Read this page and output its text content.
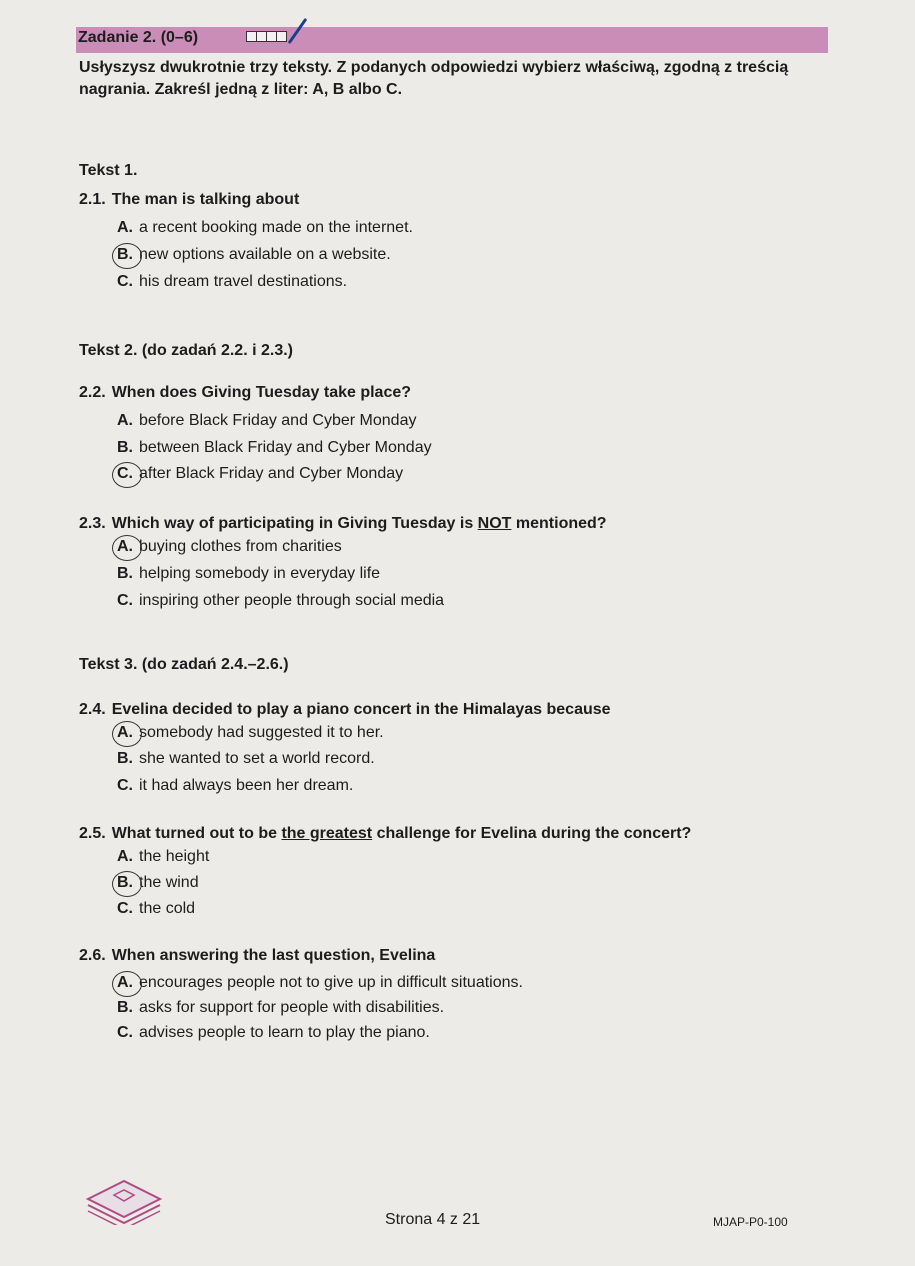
Zadanie 2. (0–6)
Usłyszysz dwukrotnie trzy teksty. Z podanych odpowiedzi wybierz właściwą, zgodną z treścią nagrania. Zakreśl jedną z liter: A, B albo C.
Tekst 1.
2.1. The man is talking about
A. a recent booking made on the internet.
B. new options available on a website.
C. his dream travel destinations.
Tekst 2. (do zadań 2.2. i 2.3.)
2.2. When does Giving Tuesday take place?
A. before Black Friday and Cyber Monday
B. between Black Friday and Cyber Monday
C. after Black Friday and Cyber Monday
2.3. Which way of participating in Giving Tuesday is NOT mentioned?
A. buying clothes from charities
B. helping somebody in everyday life
C. inspiring other people through social media
Tekst 3. (do zadań 2.4.–2.6.)
2.4. Evelina decided to play a piano concert in the Himalayas because
A. somebody had suggested it to her.
B. she wanted to set a world record.
C. it had always been her dream.
2.5. What turned out to be the greatest challenge for Evelina during the concert?
A. the height
B. the wind
C. the cold
2.6. When answering the last question, Evelina
A. encourages people not to give up in difficult situations.
B. asks for support for people with disabilities.
C. advises people to learn to play the piano.
Strona 4 z 21	MJAP-P0-100
